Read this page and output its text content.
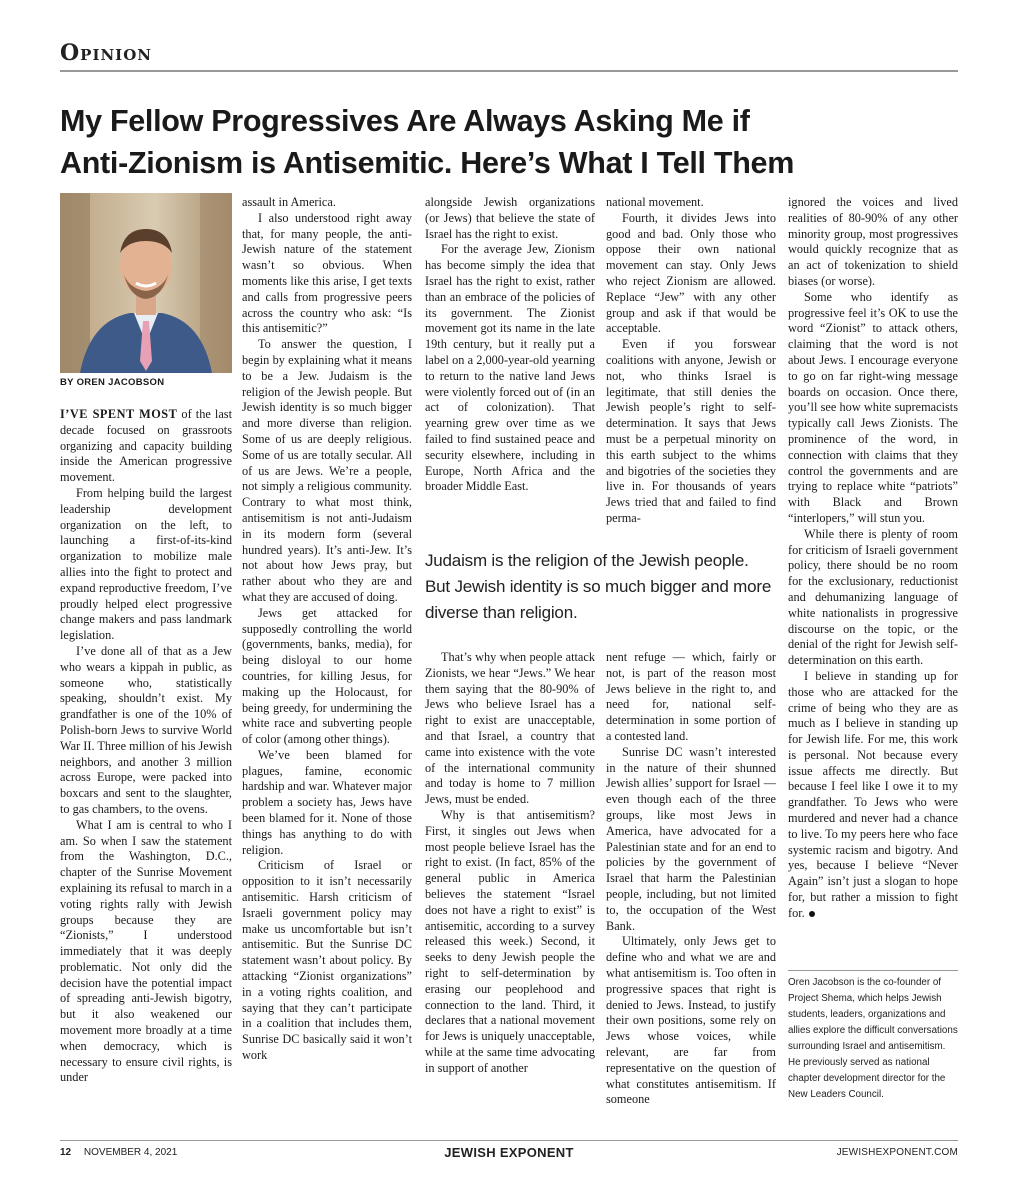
Opinion
My Fellow Progressives Are Always Asking Me if
Anti-Zionism is Antisemitic. Here’s What I Tell Them
BY OREN JACOBSON

I’VE SPENT MOST of the last decade focused on grassroots organizing and capacity building inside the American progressive movement.

From helping build the largest leadership development organization on the left, to launching a first-of-its-kind organization to mobilize male allies into the fight to protect and expand reproductive freedom, I’ve proudly helped elect progressive change makers and pass landmark legislation.

I’ve done all of that as a Jew who wears a kippah in public, as someone who, statistically speaking, shouldn’t exist. My grandfather is one of the 10% of Polish-born Jews to survive World War II. Three million of his Jewish neighbors, and another 3 million across Europe, were packed into boxcars and sent to the slaughter, to gas chambers, to the ovens.

What I am is central to who I am. So when I saw the statement from the Washington, D.C., chapter of the Sunrise Movement explaining its refusal to march in a voting rights rally with Jewish groups because they are “Zionists,” I understood immediately that it was deeply problematic. Not only did the decision have the potential impact of spreading anti-Jewish bigotry, but it also weakened our movement more broadly at a time when democracy, which is necessary to ensure civil rights, is under

assault in America.

I also understood right away that, for many people, the anti-Jewish nature of the statement wasn’t so obvious. When moments like this arise, I get texts and calls from progressive peers across the country who ask: “Is this antisemitic?”

To answer the question, I begin by explaining what it means to be a Jew. Judaism is the religion of the Jewish people. But Jewish identity is so much bigger and more diverse than religion. Some of us are deeply religious. Some of us are totally secular. All of us are Jews. We’re a people, not simply a religious community. Contrary to what most think, antisemitism is not anti-Judaism in its modern form (several hundred years). It’s anti-Jew. It’s not about how Jews pray, but rather about who they are and what they are accused of doing.

Jews get attacked for supposedly controlling the world (governments, banks, media), for being disloyal to our home countries, for killing Jesus, for making up the Holocaust, for being greedy, for undermining the white race and subverting people of color (among other things).

We’ve been blamed for plagues, famine, economic hardship and war. Whatever major problem a society has, Jews have been blamed for it. None of those things has anything to do with religion.

Criticism of Israel or opposition to it isn’t necessarily antisemitic. Harsh criticism of Israeli government policy may make us uncomfortable but isn’t antisemitic. But the Sunrise DC statement wasn’t about policy. By attacking “Zionist organizations” in a voting rights coalition, and saying that they can’t participate in a coalition that includes them, Sunrise DC basically said it won’t work

alongside Jewish organizations (or Jews) that believe the state of Israel has the right to exist.

For the average Jew, Zionism has become simply the idea that Israel has the right to exist, rather than an embrace of the policies of its government. The Zionist movement got its name in the late 19th century, but it really put a label on a 2,000-year-old yearning to return to the native land Jews were violently forced out of (in an act of colonization). That yearning grew over time as we failed to find sustained peace and security elsewhere, including in Europe, North Africa and the broader Middle East.

national movement.

Fourth, it divides Jews into good and bad. Only those who oppose their own national movement can stay. Only Jews who reject Zionism are allowed. Replace “Jew” with any other group and ask if that would be acceptable.

Even if you forswear coalitions with anyone, Jewish or not, who thinks Israel is legitimate, that still denies the Jewish people’s right to self-determination. It says that Jews must be a perpetual minority on this earth subject to the whims and bigotries of the societies they live in. For thousands of years Jews tried that and failed to find perma-

Judaism is the religion of the Jewish people. But Jewish identity is so much bigger and more diverse than religion.

That’s why when people attack Zionists, we hear “Jews.” We hear them saying that the 80-90% of Jews who believe Israel has a right to exist are unacceptable, and that Israel, a country that came into existence with the vote of the international community and today is home to 7 million Jews, must be ended.

Why is that antisemitism? First, it singles out Jews when most people believe Israel has the right to exist. (In fact, 85% of the general public in America believes the statement “Israel does not have a right to exist” is antisemitic, according to a survey released this week.) Second, it seeks to deny Jewish people the right to self-determination by erasing our peoplehood and connection to the land. Third, it declares that a national movement for Jews is uniquely unacceptable, while at the same time advocating in support of another

nent refuge — which, fairly or not, is part of the reason most Jews believe in the right to, and need for, national self-determination in some portion of a contested land.

Sunrise DC wasn’t interested in the nature of their shunned Jewish allies’ support for Israel — even though each of the three groups, like most Jews in America, have advocated for a Palestinian state and for an end to policies by the government of Israel that harm the Palestinian people, including, but not limited to, the occupation of the West Bank.

Ultimately, only Jews get to define who and what we are and what antisemitism is. Too often in progressive spaces that right is denied to Jews. Instead, to justify their own positions, some rely on Jews whose voices, while relevant, are far from representative on the question of what constitutes antisemitism. If someone

ignored the voices and lived realities of 80-90% of any other minority group, most progressives would quickly recognize that as an act of tokenization to shield biases (or worse).

Some who identify as progressive feel it’s OK to use the word “Zionist” to attack others, claiming that the word is not about Jews. I encourage everyone to go on far right-wing message boards on occasion. Once there, you’ll see how white supremacists typically call Jews Zionists. The prominence of the word, in connection with claims that they control the governments and are trying to replace white “patriots” with Black and Brown “interlopers,” will stun you.

While there is plenty of room for criticism of Israeli government policy, there should be no room for the exclusionary, reductionist and dehumanizing language of white nationalists in progressive discourse on the topic, or the denial of the right for Jewish self-determination on this earth.

I believe in standing up for those who are attacked for the crime of being who they are as much as I believe in standing up for Jewish life. For me, this work is personal. Not because every issue affects me directly. But because I feel like I owe it to my grandfather. To Jews who were murdered and never had a chance to live. To my peers here who face systemic racism and bigotry. And yes, because I believe “Never Again” isn’t just a slogan to hope for, but rather a mission to fight for.

Oren Jacobson is the co-founder of Project Shema, which helps Jewish students, leaders, organizations and allies explore the difficult conversations surrounding Israel and antisemitism. He previously served as national chapter development director for the New Leaders Council.
12 NOVEMBER 4, 2021	JEWISH EXPONENT	JEWISHEXPONENT.COM
